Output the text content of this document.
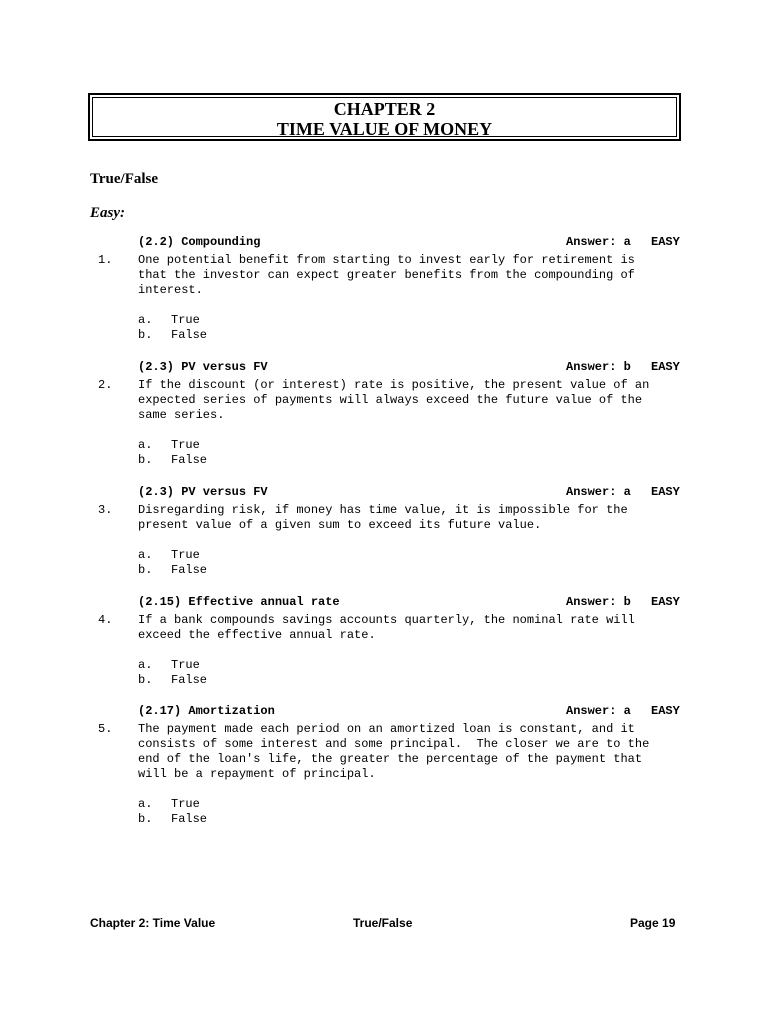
CHAPTER 2
TIME VALUE OF MONEY
True/False
Easy:
(2.2) Compounding	Answer: a EASY
1. One potential benefit from starting to invest early for retirement is
that the investor can expect greater benefits from the compounding of
interest.
a. True
b. False
(2.3) PV versus FV	Answer: b EASY
2. If the discount (or interest) rate is positive, the present value of an
expected series of payments will always exceed the future value of the
same series.
a. True
b. False
(2.3) PV versus FV	Answer: a EASY
3. Disregarding risk, if money has time value, it is impossible for the
present value of a given sum to exceed its future value.
a. True
b. False
(2.15) Effective annual rate	Answer: b EASY
4. If a bank compounds savings accounts quarterly, the nominal rate will
exceed the effective annual rate.
a. True
b. False
(2.17) Amortization	Answer: a EASY
5. The payment made each period on an amortized loan is constant, and it
consists of some interest and some principal.  The closer we are to the
end of the loan's life, the greater the percentage of the payment that
will be a repayment of principal.
a. True
b. False
Chapter 2: Time Value	True/False	Page 19
